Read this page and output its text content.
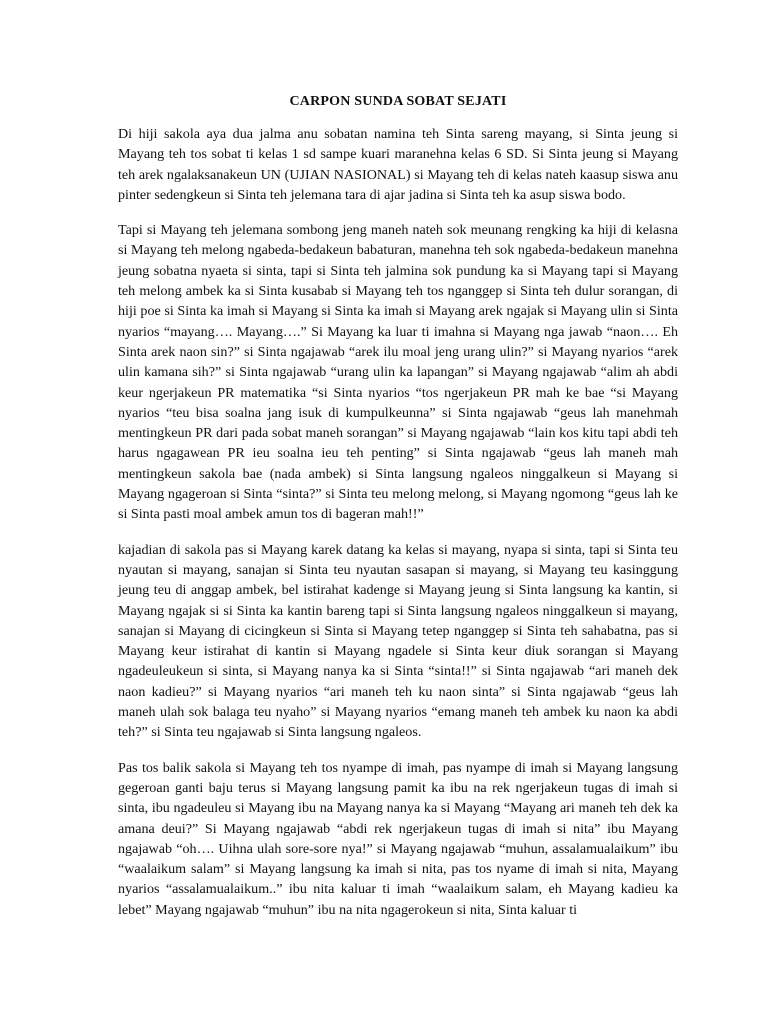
CARPON SUNDA SOBAT SEJATI

Di hiji sakola aya dua jalma anu sobatan namina teh Sinta sareng mayang, si Sinta jeung si Mayang teh tos sobat ti kelas 1 sd sampe kuari maranehna kelas 6 SD. Si Sinta jeung si Mayang teh arek ngalaksanakeun UN (UJIAN NASIONAL) si Mayang teh di kelas nateh kaasup siswa anu pinter sedengkeun si Sinta teh jelemana tara di ajar jadina si Sinta teh ka asup siswa bodo.

Tapi si Mayang teh jelemana sombong jeng maneh nateh sok meunang rengking ka hiji di kelasna si Mayang teh melong ngabeda-bedakeun babaturan, manehna teh sok ngabeda-bedakeun manehna jeung sobatna nyaeta si sinta, tapi si Sinta teh jalmina sok pundung ka si Mayang tapi si Mayang teh melong ambek ka si Sinta kusabab si Mayang teh tos nganggep si Sinta teh dulur sorangan, di hiji poe si Sinta ka imah si Mayang si Sinta ka imah si Mayang arek ngajak si Mayang ulin si Sinta nyarios “mayang…. Mayang….” Si Mayang ka luar ti imahna si Mayang nga jawab “naon…. Eh Sinta arek naon sin?” si Sinta ngajawab “arek ilu moal jeng urang ulin?” si Mayang nyarios “arek ulin kamana sih?” si Sinta ngajawab “urang ulin ka lapangan” si Mayang ngajawab “alim ah abdi keur ngerjakeun PR matematika “si Sinta nyarios “tos ngerjakeun PR mah ke bae “si Mayang nyarios “teu bisa soalna jang isuk di kumpulkeunna” si Sinta ngajawab “geus lah manehmah mentingkeun PR dari pada sobat maneh sorangan” si Mayang ngajawab “lain kos kitu tapi abdi teh harus ngagawean PR ieu soalna ieu teh penting” si Sinta ngajawab “geus lah maneh mah mentingkeun sakola bae (nada ambek) si Sinta langsung ngaleos ninggalkeun si Mayang si Mayang ngageroan si Sinta “sinta?” si Sinta teu melong melong, si Mayang ngomong “geus lah ke si Sinta pasti moal ambek amun tos di bageran mah!!”

kajadian di sakola pas si Mayang karek datang ka kelas si mayang, nyapa si sinta, tapi si Sinta teu nyautan si mayang, sanajan si Sinta teu nyautan sasapan si mayang, si Mayang teu kasinggung jeung teu di anggap ambek, bel istirahat kadenge si Mayang jeung si Sinta langsung ka kantin, si Mayang ngajak si si Sinta ka kantin bareng tapi si Sinta langsung ngaleos ninggalkeun si mayang, sanajan si Mayang di cicingkeun si Sinta si Mayang tetep nganggep si Sinta teh sahabatna, pas si Mayang keur istirahat di kantin si Mayang ngadele si Sinta keur diuk sorangan si Mayang ngadeuleukeun si sinta, si Mayang nanya ka si Sinta “sinta!!” si Sinta ngajawab “ari maneh dek naon kadieu?” si Mayang nyarios “ari maneh teh ku naon sinta” si Sinta ngajawab “geus lah maneh ulah sok balaga teu nyaho” si Mayang nyarios “emang maneh teh ambek ku naon ka abdi teh?” si Sinta teu ngajawab si Sinta langsung ngaleos.

Pas tos balik sakola si Mayang teh tos nyampe di imah, pas nyampe di imah si Mayang langsung gegeroan ganti baju terus si Mayang langsung pamit ka ibu na rek ngerjakeun tugas di imah si sinta, ibu ngadeuleu si Mayang ibu na Mayang nanya ka si Mayang “Mayang ari maneh teh dek ka amana deui?” Si Mayang ngajawab “abdi rek ngerjakeun tugas di imah si nita” ibu Mayang ngajawab “oh…. Uihna ulah sore-sore nya!” si Mayang ngajawab “muhun, assalamualaikum” ibu “waalaikum salam” si Mayang langsung ka imah si nita, pas tos nyame di imah si nita, Mayang nyarios “assalamualaikum..” ibu nita kaluar ti imah “waalaikum salam, eh Mayang kadieu ka lebet” Mayang ngajawab “muhun” ibu na nita ngagerokeun si nita, Sinta kaluar ti
